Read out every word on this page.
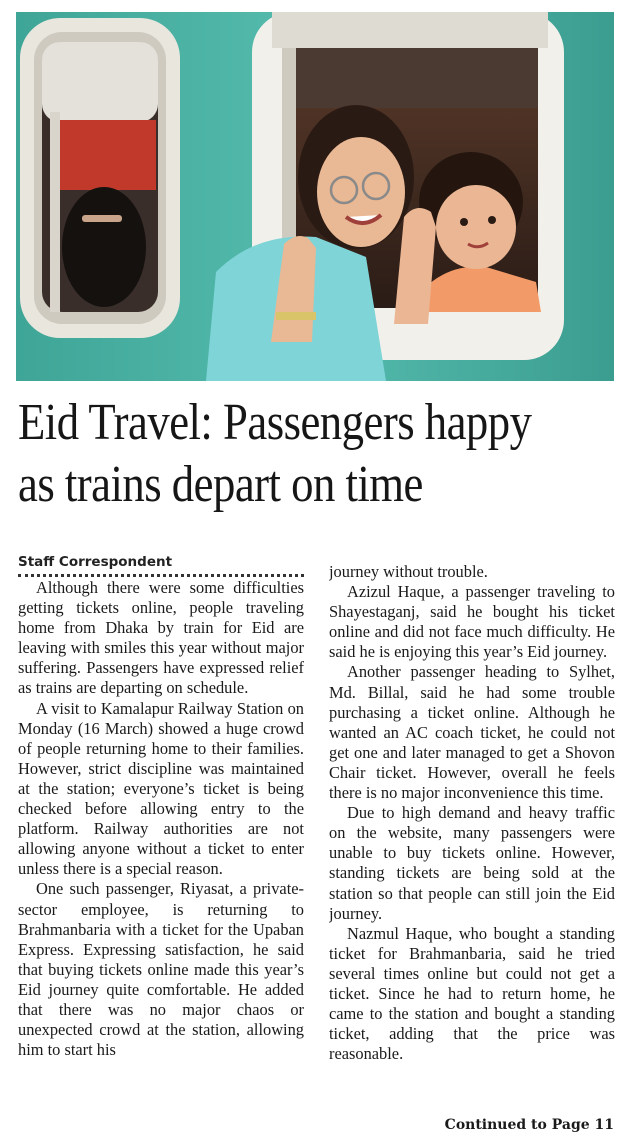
Eid Travel: Passengers happy
as trains depart on time
Staff Correspondent

Although there were some difficulties getting tickets online, people traveling home from Dhaka by train for Eid are leaving with smiles this year without major suffering. Passengers have expressed relief as trains are departing on schedule.

A visit to Kamalapur Railway Station on Monday (16 March) showed a huge crowd of people returning home to their families. However, strict discipline was maintained at the station; everyone’s ticket is being checked before allowing entry to the platform. Railway authorities are not allowing anyone without a ticket to enter unless there is a special reason.

One such passenger, Riyasat, a private-sector employee, is returning to Brahmanbaria with a ticket for the Upaban Express. Expressing satisfaction, he said that buying tickets online made this year’s Eid journey quite comfortable. He added that there was no major chaos or unexpected crowd at the station, allowing him to start his

journey without trouble.

Azizul Haque, a passenger traveling to Shayestaganj, said he bought his ticket online and did not face much difficulty. He said he is enjoying this year’s Eid journey.

Another passenger heading to Sylhet, Md. Billal, said he had some trouble purchasing a ticket online. Although he wanted an AC coach ticket, he could not get one and later managed to get a Shovon Chair ticket. However, overall he feels there is no major inconvenience this time.

Due to high demand and heavy traffic on the website, many passengers were unable to buy tickets online. However, standing tickets are being sold at the station so that people can still join the Eid journey.

Nazmul Haque, who bought a standing ticket for Brahmanbaria, said he tried several times online but could not get a ticket. Since he had to return home, he came to the station and bought a standing ticket, adding that the price was reasonable.

Continued to Page 11
